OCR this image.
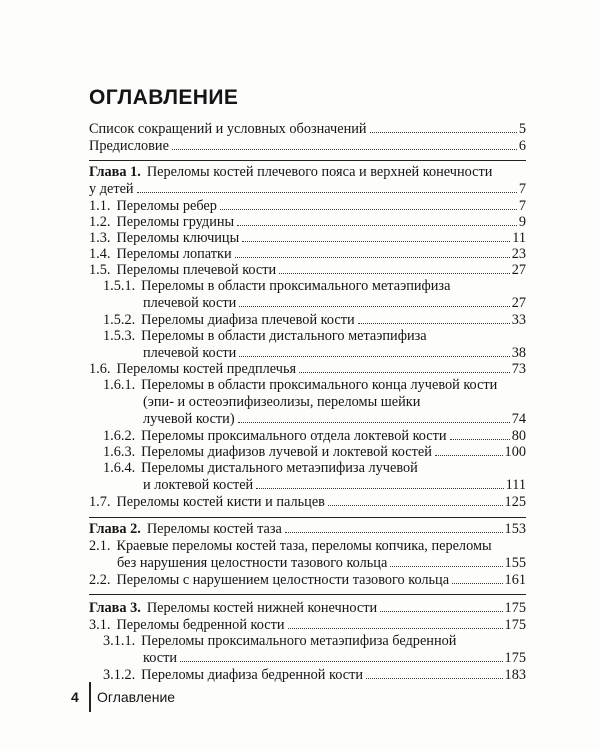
ОГЛАВЛЕНИЕ
Список сокращений и условных обозначений	5
Предисловие	6
Глава 1. Переломы костей плечевого пояса и верхней конечности
у детей	7
1.1. Переломы ребер	7
1.2. Переломы грудины	9
1.3. Переломы ключицы	11
1.4. Переломы лопатки	23
1.5. Переломы плечевой кости	27
1.5.1. Переломы в области проксимального метаэпифиза
плечевой кости	27
1.5.2. Переломы диафиза плечевой кости	33
1.5.3. Переломы в области дистального метаэпифиза
плечевой кости	38
1.6. Переломы костей предплечья	73
1.6.1. Переломы в области проксимального конца лучевой кости
(эпи- и остеоэпифизеолизы, переломы шейки
лучевой кости)	74
1.6.2. Переломы проксимального отдела локтевой кости	80
1.6.3. Переломы диафизов лучевой и локтевой костей	100
1.6.4. Переломы дистального метаэпифиза лучевой
и локтевой костей	111
1.7. Переломы костей кисти и пальцев	125
Глава 2. Переломы костей таза	153
2.1. Краевые переломы костей таза, переломы копчика, переломы
без нарушения целостности тазового кольца	155
2.2. Переломы с нарушением целостности тазового кольца	161
Глава 3. Переломы костей нижней конечности	175
3.1. Переломы бедренной кости	175
3.1.1. Переломы проксимального метаэпифиза бедренной
кости	175
3.1.2. Переломы диафиза бедренной кости	183
4 Оглавление
